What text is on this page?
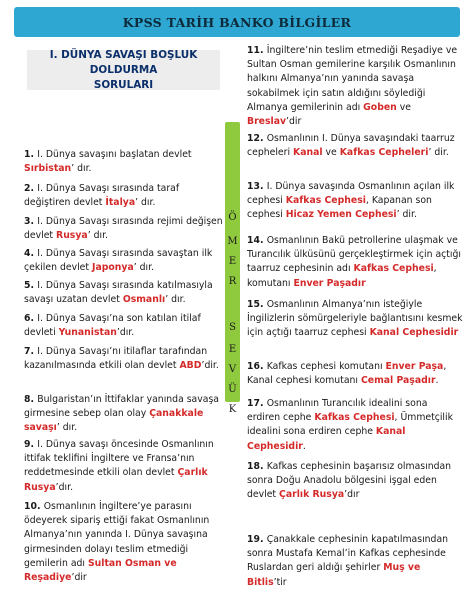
KPSS TARİH BANKO BİLGİLER
I. DÜNYA SAVAŞI BOŞLUK DOLDURMA
SORULARI
1. I. Dünya savaşını başlatan devlet Sırbistan’ dır.
2. I. Dünya Savaşı sırasında taraf değiştiren devlet İtalya’ dır.
3. I. Dünya Savaşı sırasında rejimi değişen devlet Rusya’ dır.
4. I. Dünya Savaşı sırasında savaştan ilk çekilen devlet Japonya’ dır.
5. I. Dünya Savaşı sırasında katılmasıyla savaşı uzatan devlet Osmanlı’ dır.
6. I. Dünya Savaşı’na son katılan itilaf devleti Yunanistan’dır.
7. I. Dünya Savaşı’nı itilaflar tarafından kazanılmasında etkili olan devlet ABD’dir.
8. Bulgaristan’ın İttifaklar yanında savaşa girmesine sebep olan olay Çanakkale savaşı’ dır.
9. I. Dünya savaşı öncesinde Osmanlının ittifak teklifini İngiltere ve Fransa’nın reddetmesinde etkili olan devlet Çarlık Rusya’dır.
10. Osmanlının İngiltere’ye parasını ödeyerek sipariş ettiği fakat Osmanlının Almanya’nın yanında I. Dünya savaşına girmesinden dolayı teslim etmediği gemilerin adı Sultan Osman ve Reşadiye’dir
11. İngiltere’nin teslim etmediği Reşadiye ve Sultan Osman gemilerine karşılık Osmanlının halkını Almanya’nın yanında savaşa sokabilmek için satın aldığını söylediği Almanya gemilerinin adı Goben ve Breslav’dir
12. Osmanlının I. Dünya savaşındaki taarruz cepheleri Kanal ve Kafkas Cepheleri’ dir.
13. I. Dünya savaşında Osmanlının açılan ilk cephesi Kafkas Cephesi, Kapanan son cephesi Hicaz Yemen Cephesi’ dir.
14. Osmanlının Bakü petrollerine ulaşmak ve Turancılık ülküsünü gerçekleştirmek için açtığı taarruz cephesinin adı Kafkas Cephesi, komutanı Enver Paşadır
15. Osmanlının Almanya’nın isteğiyle İngilizlerin sömürgeleriyle bağlantısını kesmek için açtığı taarruz cephesi Kanal Cephesidir
16. Kafkas cephesi komutanı Enver Paşa, Kanal cephesi komutanı Cemal Paşadır.
17. Osmanlının Turancılık idealini sona erdiren cephe Kafkas Cephesi, Ümmetçilik idealini sona erdiren cephe Kanal Cephesidir.
18. Kafkas cephesinin başarısız olmasından sonra Doğu Anadolu bölgesini işgal eden devlet Çarlık Rusya’dır
19. Çanakkale cephesinin kapatılmasından sonra Mustafa Kemal’in Kafkas cephesinde Ruslardan geri aldığı şehirler Muş ve Bitlis’tir
Ö
M
E
R
S
E
V
Ü
K
